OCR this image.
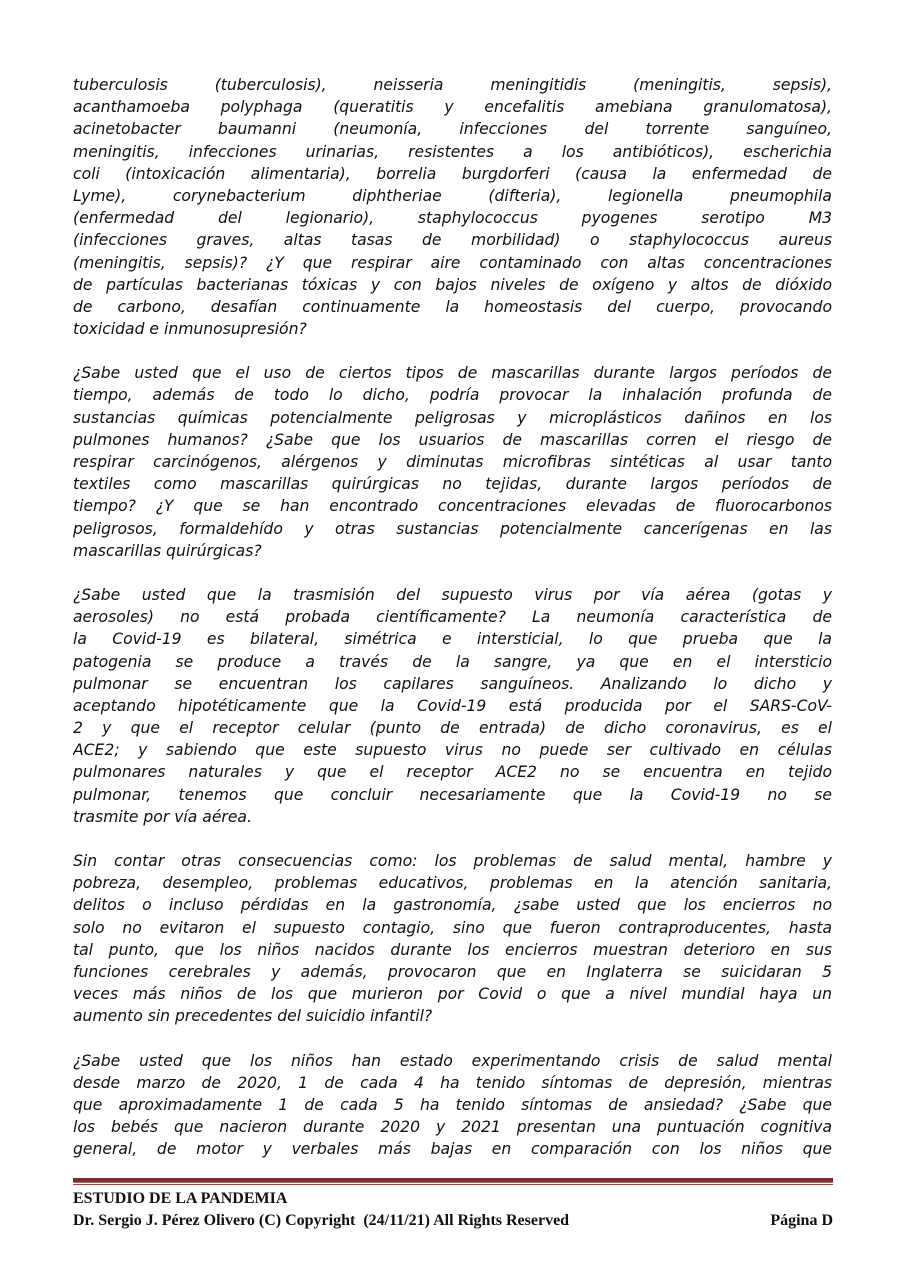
tuberculosis (tuberculosis), neisseria meningitidis (meningitis, sepsis),
acanthamoeba polyphaga (queratitis y encefalitis amebiana granulomatosa),
acinetobacter baumanni (neumonía, infecciones del torrente sanguíneo,
meningitis, infecciones urinarias, resistentes a los antibióticos), escherichia
coli (intoxicación alimentaria), borrelia burgdorferi (causa la enfermedad de
Lyme), corynebacterium diphtheriae (difteria), legionella pneumophila
(enfermedad del legionario), staphylococcus pyogenes serotipo M3
(infecciones graves, altas tasas de morbilidad) o staphylococcus aureus
(meningitis, sepsis)? ¿Y que respirar aire contaminado con altas concentraciones
de partículas bacterianas tóxicas y con bajos niveles de oxígeno y altos de dióxido
de carbono, desafían continuamente la homeostasis del cuerpo, provocando
toxicidad e inmunosupresión?
¿Sabe usted que el uso de ciertos tipos de mascarillas durante largos períodos de
tiempo, además de todo lo dicho, podría provocar la inhalación profunda de
sustancias químicas potencialmente peligrosas y microplásticos dañinos en los
pulmones humanos? ¿Sabe que los usuarios de mascarillas corren el riesgo de
respirar carcinógenos, alérgenos y diminutas microfibras sintéticas al usar tanto
textiles como mascarillas quirúrgicas no tejidas, durante largos períodos de
tiempo? ¿Y que se han encontrado concentraciones elevadas de fluorocarbonos
peligrosos, formaldehído y otras sustancias potencialmente cancerígenas en las
mascarillas quirúrgicas?
¿Sabe usted que la trasmisión del supuesto virus por vía aérea (gotas y
aerosoles) no está probada científicamente? La neumonía característica de
la Covid-19 es bilateral, simétrica e intersticial, lo que prueba que la
patogenia se produce a través de la sangre, ya que en el intersticio
pulmonar se encuentran los capilares sanguíneos. Analizando lo dicho y
aceptando hipotéticamente que la Covid-19 está producida por el SARS-CoV-
2 y que el receptor celular (punto de entrada) de dicho coronavirus, es el
ACE2; y sabiendo que este supuesto virus no puede ser cultivado en células
pulmonares naturales y que el receptor ACE2 no se encuentra en tejido
pulmonar, tenemos que concluir necesariamente que la Covid-19 no se
trasmite por vía aérea.
Sin contar otras consecuencias como: los problemas de salud mental, hambre y
pobreza, desempleo, problemas educativos, problemas en la atención sanitaria,
delitos o incluso pérdidas en la gastronomía, ¿sabe usted que los encierros no
solo no evitaron el supuesto contagio, sino que fueron contraproducentes, hasta
tal punto, que los niños nacidos durante los encierros muestran deterioro en sus
funciones cerebrales y además, provocaron que en Inglaterra se suicidaran 5
veces más niños de los que murieron por Covid o que a nivel mundial haya un
aumento sin precedentes del suicidio infantil?
¿Sabe usted que los niños han estado experimentando crisis de salud mental
desde marzo de 2020, 1 de cada 4 ha tenido síntomas de depresión, mientras
que aproximadamente 1 de cada 5 ha tenido síntomas de ansiedad? ¿Sabe que
los bebés que nacieron durante 2020 y 2021 presentan una puntuación cognitiva
general, de motor y verbales más bajas en comparación con los niños que
ESTUDIO DE LA PANDEMIA
Dr. Sergio J. Pérez Olivero (C) Copyright  (24/11/21) All Rights Reserved	Página D
